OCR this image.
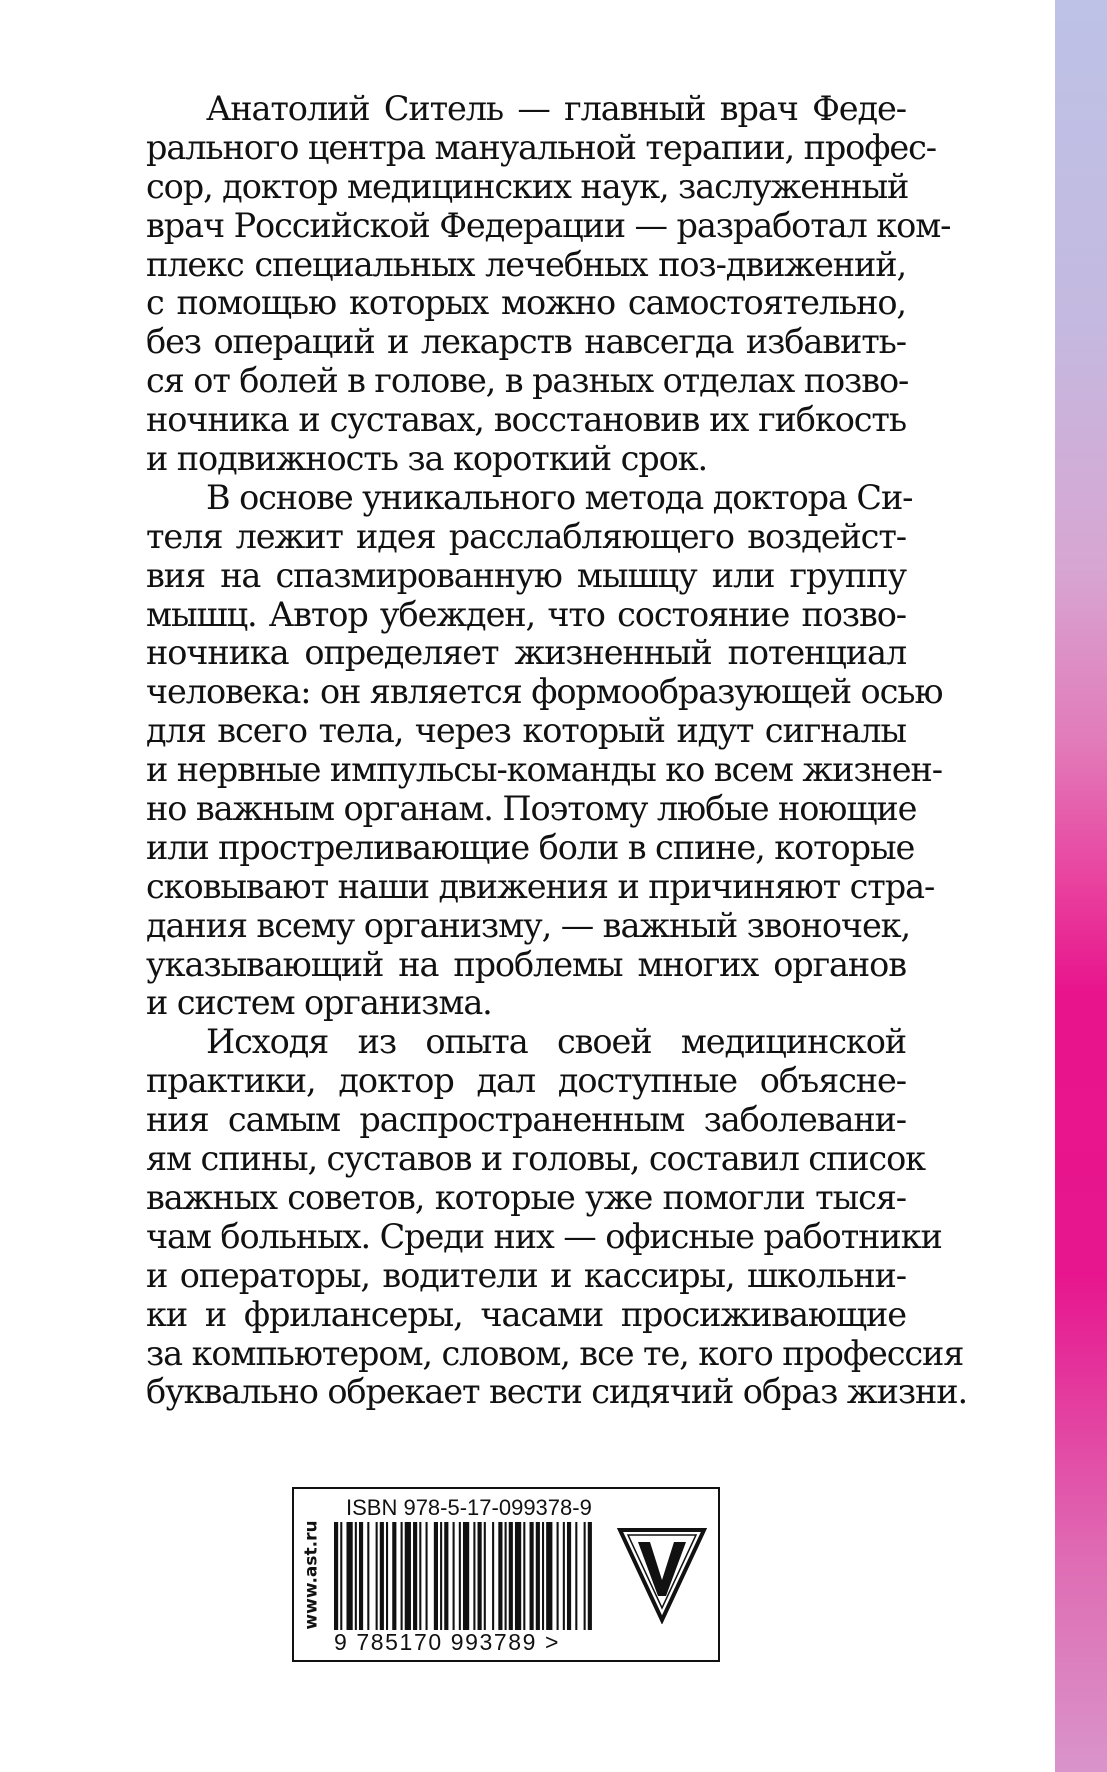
Анатолий Ситель — главный врач Феде-
рального центра мануальной терапии, профес-
сор, доктор медицинских наук, заслуженный
врач Российской Федерации — разработал ком-
плекс специальных лечебных поз-движений,
с помощью которых можно самостоятельно,
без операций и лекарств навсегда избавить-
ся от болей в голове, в разных отделах позво-
ночника и суставах, восстановив их гибкость
и подвижность за короткий срок.
В основе уникального метода доктора Си-
теля лежит идея расслабляющего воздейст-
вия на спазмированную мышцу или группу
мышц. Автор убежден, что состояние позво-
ночника определяет жизненный потенциал
человека: он является формообразующей осью
для всего тела, через который идут сигналы
и нервные импульсы-команды ко всем жизнен-
но важным органам. Поэтому любые ноющие
или простреливающие боли в спине, которые
сковывают наши движения и причиняют стра-
дания всему организму, — важный звоночек,
указывающий на проблемы многих органов
и систем организма.
Исходя из опыта своей медицинской
практики, доктор дал доступные объясне-
ния самым распространенным заболевани-
ям спины, суставов и головы, составил список
важных советов, которые уже помогли тыся-
чам больных. Среди них — офисные работники
и операторы, водители и кассиры, школьни-
ки и фрилансеры, часами просиживающие
за компьютером, словом, все те, кого профессия
буквально обрекает вести сидячий образ жизни.
www.ast.ru
ISBN 978-5-17-099378-9
9 785170 993789 >
